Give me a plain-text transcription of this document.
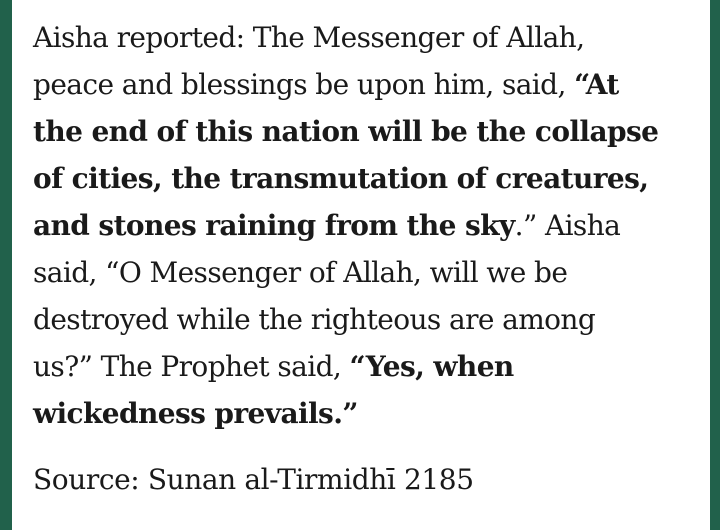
Aisha reported: The Messenger of Allah,
peace and blessings be upon him, said, “At
the end of this nation will be the collapse
of cities, the transmutation of creatures,
and stones raining from the sky.” Aisha
said, “O Messenger of Allah, will we be
destroyed while the righteous are among
us?” The Prophet said, “Yes, when
wickedness prevails.”
Source: Sunan al-Tirmidhī 2185
